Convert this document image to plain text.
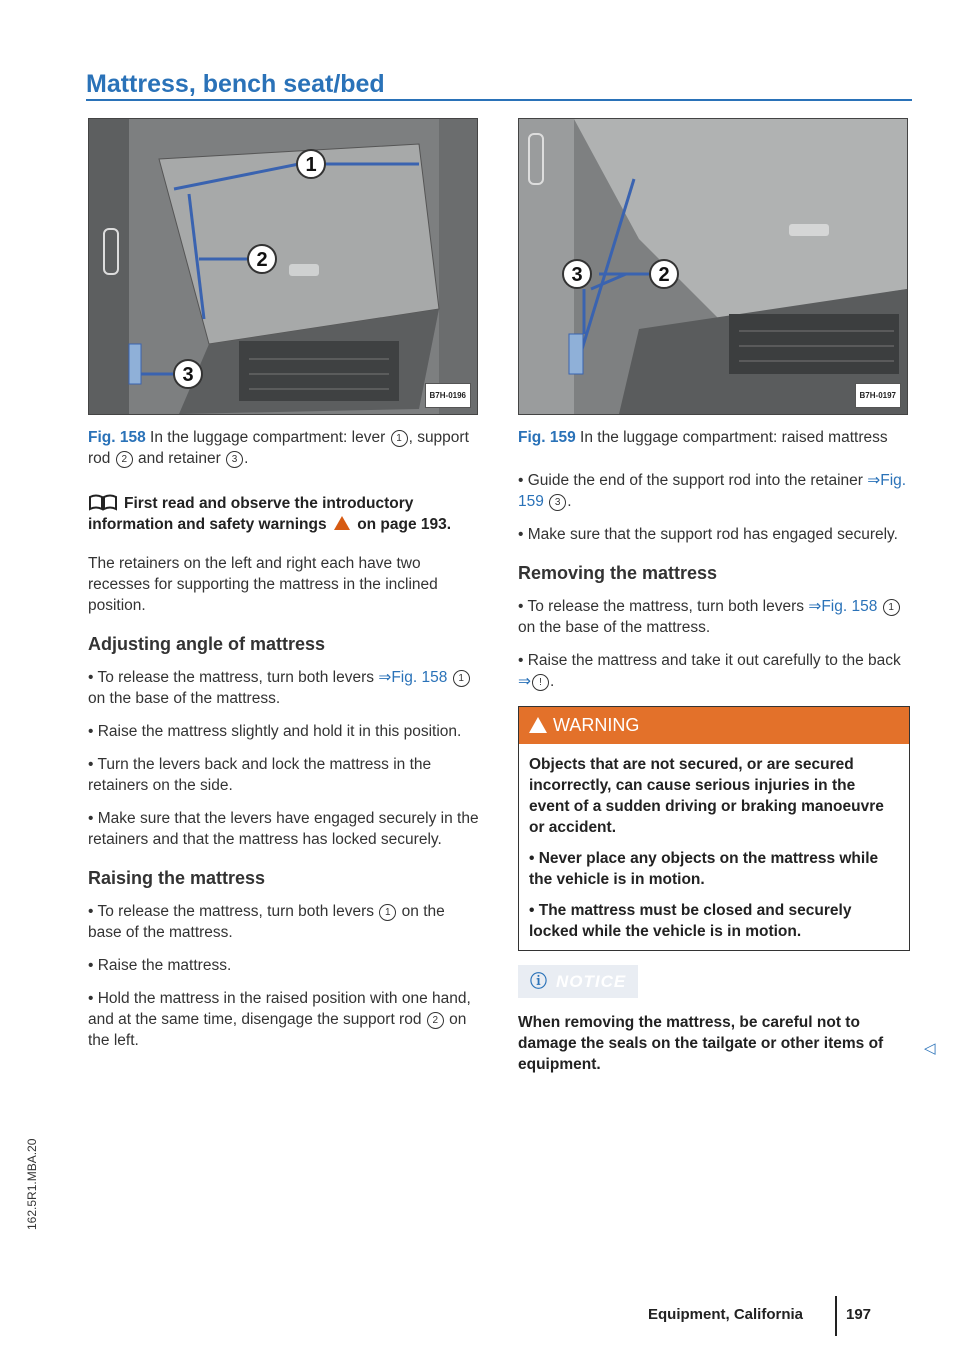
Mattress, bench seat/bed
1
2
3
B7H-0196
Fig. 158 In the luggage compartment: lever 1 , support rod 2 and retainer 3 .
First read and observe the introductory information and safety warnings on page 193.

The retainers on the left and right each have two recesses for supporting the mattress in the inclined position.

Adjusting angle of mattress

• To release the mattress, turn both levers ⇒Fig. 158 1 on the base of the mattress.

• Raise the mattress slightly and hold it in this position.

• Turn the levers back and lock the mattress in the retainers on the side.

• Make sure that the levers have engaged securely in the retainers and that the mattress has locked securely.

Raising the mattress

• To release the mattress, turn both levers 1 on the base of the mattress.

• Raise the mattress.

• Hold the mattress in the raised position with one hand, and at the same time, disengage the support rod 2 on the left.

3	2
B7H-0197
Fig. 159 In the luggage compartment: raised mattress

• Guide the end of the support rod into the retainer ⇒Fig. 159 3 .

• Make sure that the support rod has engaged securely.

Removing the mattress

• To release the mattress, turn both levers ⇒Fig. 158 1 on the base of the mattress.

• Raise the mattress and take it out carefully to the back ⇒ ! .

WARNING

Objects that are not secured, or are secured incorrectly, can cause serious injuries in the event of a sudden driving or braking manoeuvre or accident.

• Never place any objects on the mattress while the vehicle is in motion.

• The mattress must be closed and securely locked while the vehicle is in motion.

ⓘ NOTICE

When removing the mattress, be careful not to damage the seals on the tailgate or other items of equipment.

◁
162.5R1.MBA.20
Equipment, California	197
